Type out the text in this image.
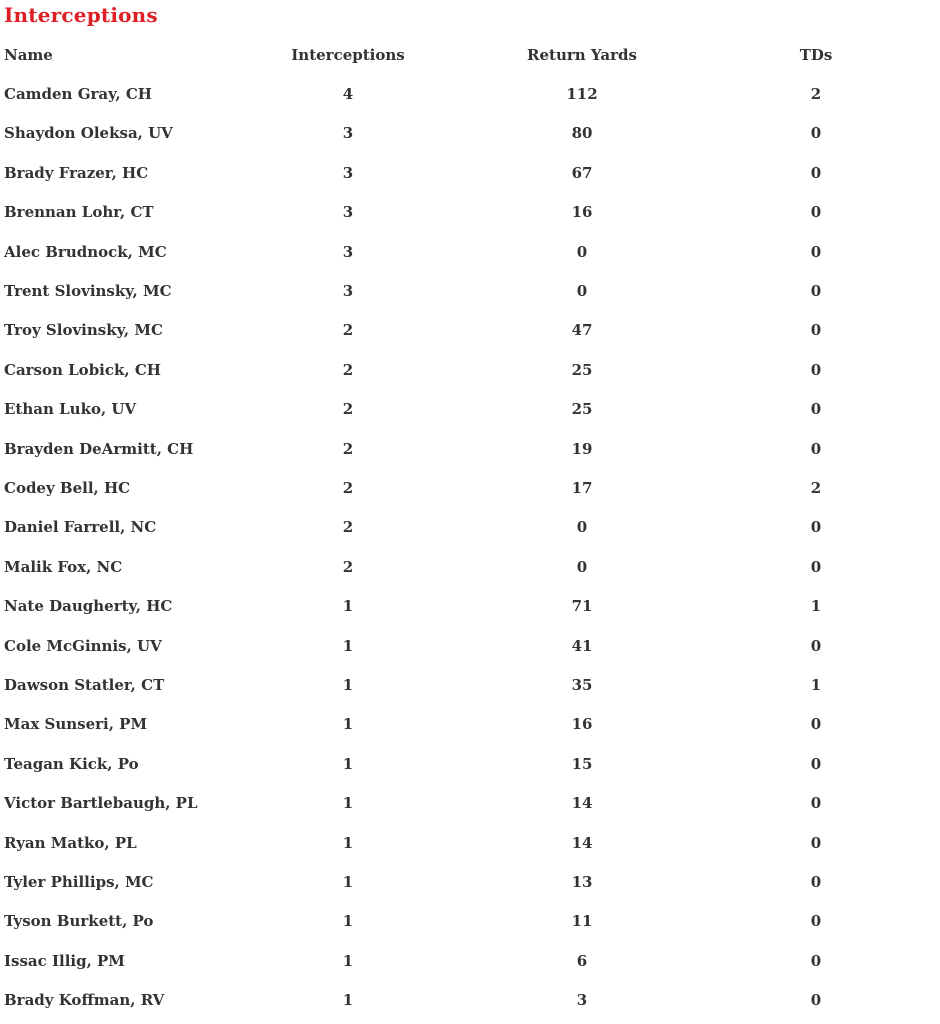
Interceptions
Name	Interceptions	Return Yards	TDs
Camden Gray, CH	4	112	2
Shaydon Oleksa, UV	3	80	0
Brady Frazer, HC	3	67	0
Brennan Lohr, CT	3	16	0
Alec Brudnock, MC	3	0	0
Trent Slovinsky, MC	3	0	0
Troy Slovinsky, MC	2	47	0
Carson Lobick, CH	2	25	0
Ethan Luko, UV	2	25	0
Brayden DeArmitt, CH	2	19	0
Codey Bell, HC	2	17	2
Daniel Farrell, NC	2	0	0
Malik Fox, NC	2	0	0
Nate Daugherty, HC	1	71	1
Cole McGinnis, UV	1	41	0
Dawson Statler, CT	1	35	1
Max Sunseri, PM	1	16	0
Teagan Kick, Po	1	15	0
Victor Bartlebaugh, PL	1	14	0
Ryan Matko, PL	1	14	0
Tyler Phillips, MC	1	13	0
Tyson Burkett, Po	1	11	0
Issac Illig, PM	1	6	0
Brady Koffman, RV	1	3	0
